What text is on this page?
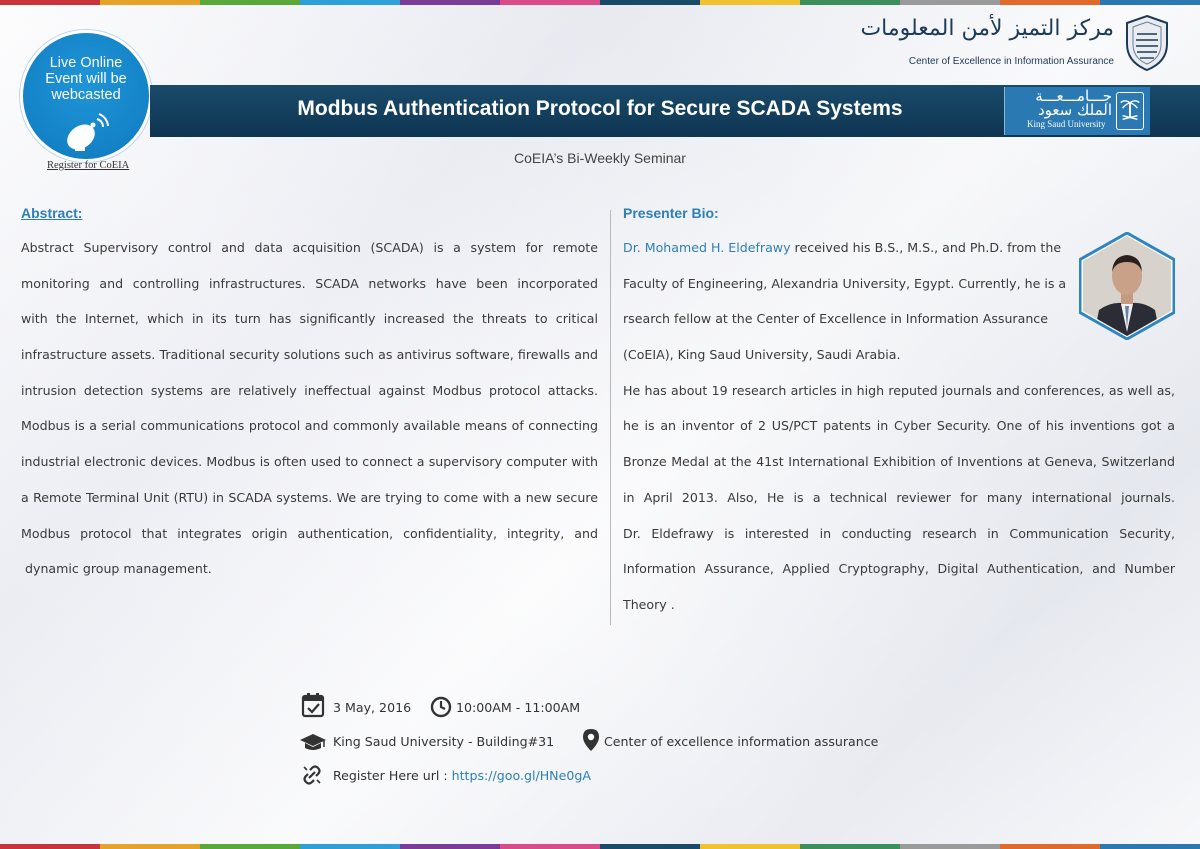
Live Online
Event will be
webcasted
Register for CoEIA
مركز التميز لأمن المعلومات
Center of Excellence in Information Assurance
Modbus Authentication Protocol for Secure SCADA Systems
جـــامـــعـــة
الملك سعود
King Saud University
CoEIA’s Bi-Weekly Seminar
Abstract:
Abstract Supervisory control and data acquisition (SCADA) is a system for remote
monitoring and controlling infrastructures. SCADA networks have been incorporated
with the Internet, which in its turn has significantly increased the threats to critical
infrastructure assets. Traditional security solutions such as antivirus software, firewalls and
intrusion detection systems are relatively ineffectual against Modbus protocol attacks.
Modbus is a serial communications protocol and commonly available means of connecting
industrial electronic devices. Modbus is often used to connect a supervisory computer with
a Remote Terminal Unit (RTU) in SCADA systems. We are trying to come with a new secure
Modbus protocol that integrates origin authentication, confidentiality, integrity, and
dynamic group management.
Presenter Bio:
Dr. Mohamed H. Eldefrawy received his B.S., M.S., and Ph.D. from the
Faculty of Engineering, Alexandria University, Egypt. Currently, he is a
rsearch fellow at the Center of Excellence in Information Assurance
(CoEIA), King Saud University, Saudi Arabia.
He has about 19 research articles in high reputed journals and conferences, as well as,
he is an inventor of 2 US/PCT patents in Cyber Security. One of his inventions got a
Bronze Medal at the 41st International Exhibition of Inventions at Geneva, Switzerland
in April 2013. Also, He is a technical reviewer for many international journals.
Dr. Eldefrawy is interested in conducting research in Communication Security,
Information Assurance, Applied Cryptography, Digital Authentication, and Number
Theory .
3 May, 2016	10:00AM - 11:00AM
King Saud University - Building#31	Center of excellence information assurance
Register Here url : https://goo.gl/HNe0gA
